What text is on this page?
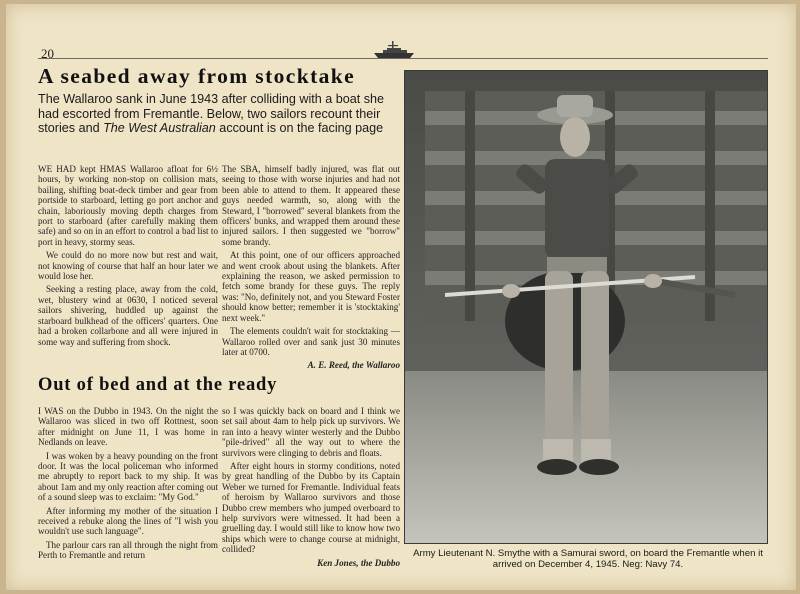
20
A seabed away from stocktake
The Wallaroo sank in June 1943 after colliding with a boat she had escorted from Fremantle. Below, two sailors recount their stories and The West Australian account is on the facing page

WE HAD kept HMAS Wallaroo afloat for 6½ hours, by working non-stop on collision mats, bailing, shifting boat-deck timber and gear from portside to starboard, letting go port anchor and chain, laboriously moving depth charges from port to starboard (after carefully making them safe) and so on in an effort to control a bad list to port in heavy, stormy seas.

We could do no more now but rest and wait, not knowing of course that half an hour later we would lose her.

Seeking a resting place, away from the cold, wet, blustery wind at 0630, I noticed several sailors shivering, huddled up against the starboard bulkhead of the officers' quarters. One had a broken collarbone and all were injured in some way and suffering from shock.

The SBA, himself badly injured, was flat out seeing to those with worse injuries and had not been able to attend to them. It appeared these guys needed warmth, so, along with the Steward, I "borrowed" several blankets from the officers' bunks, and wrapped them around these injured sailors. I then suggested we "borrow" some brandy.

At this point, one of our officers approached and went crook about using the blankets. After explaining the reason, we asked permission to fetch some brandy for these guys. The reply was: "No, definitely not, and you Steward Foster should know better; remember it is 'stocktaking' next week."

The elements couldn't wait for stocktaking — Wallaroo rolled over and sank just 30 minutes later at 0700.

A. E. Reed, the Wallaroo

Out of bed and at the ready

I WAS on the Dubbo in 1943. On the night the Wallaroo was sliced in two off Rottnest, soon after midnight on June 11, I was home in Nedlands on leave.

I was woken by a heavy pounding on the front door. It was the local policeman who informed me abruptly to report back to my ship. It was about 1am and my only reaction after coming out of a sound sleep was to exclaim: "My God."

After informing my mother of the situation I received a rebuke along the lines of "I wish you wouldn't use such language".

The parlour cars ran all through the night from Perth to Fremantle and return

so I was quickly back on board and I think we set sail about 4am to help pick up survivors. We ran into a heavy winter westerly and the Dubbo "pile-drived" all the way out to where the survivors were clinging to debris and floats.

After eight hours in stormy conditions, noted by great handling of the Dubbo by its Captain Weber we turned for Fremantle. Individual feats of heroism by Wallaroo survivors and those Dubbo crew members who jumped overboard to help survivors were witnessed. It had been a gruelling day. I would still like to know how two ships which were to change course at midnight, collided?

Ken Jones, the Dubbo

Army Lieutenant N. Smythe with a Samurai sword, on board the Fremantle when it arrived on December 4, 1945. Neg: Navy 74.
